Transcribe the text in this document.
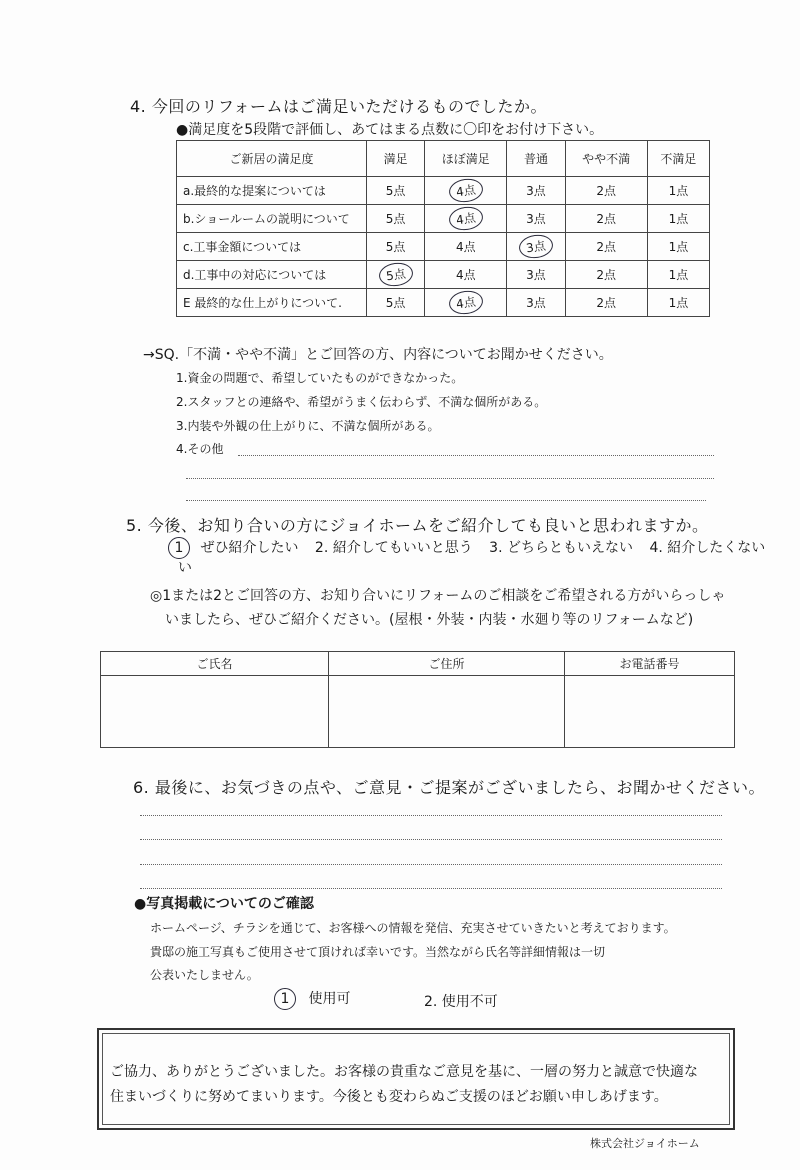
4. 今回のリフォームはご満足いただけるものでしたか。
●満足度を5段階で評価し、あてはまる点数に〇印をお付け下さい。
ご新居の満足度	満足	ほぼ満足	普通	やや不満	不満足
a.最終的な提案については	5点	4点	3点	2点	1点
b.ショールームの説明について	5点	4点	3点	2点	1点
c.工事金額については	5点	4点	3点	2点	1点
d.工事中の対応については	5点	4点	3点	2点	1点
E 最終的な仕上がりについて.	5点	4点	3点	2点	1点
→SQ.「不満・やや不満」とご回答の方、内容についてお聞かせください。
1.資金の問題で、希望していたものができなかった。
2.スタッフとの連絡や、希望がうまく伝わらず、不満な個所がある。
3.内装や外観の仕上がりに、不満な個所がある。
4.その他
5. 今後、お知り合いの方にジョイホームをご紹介しても良いと思われますか。
1 ぜひ紹介したい 2. 紹介してもいいと思う 3. どちらともいえない 4. 紹介したくない
い
◎1または2とご回答の方、お知り合いにリフォームのご相談をご希望される方がいらっしゃ
いましたら、ぜひご紹介ください。(屋根・外装・内装・水廻り等のリフォームなど)
ご氏名	ご住所	お電話番号

6. 最後に、お気づきの点や、ご意見・ご提案がございましたら、お聞かせください。
●写真掲載についてのご確認
ホームページ、チラシを通じて、お客様への情報を発信、充実させていきたいと考えております。
貴邸の施工写真もご使用させて頂ければ幸いです。当然ながら氏名等詳細情報は一切
公表いたしません。
1 使用可	2. 使用不可
ご協力、ありがとうございました。お客様の貴重なご意見を基に、一層の努力と誠意で快適な
住まいづくりに努めてまいります。今後とも変わらぬご支援のほどお願い申しあげます。
株式会社ジョイホーム
